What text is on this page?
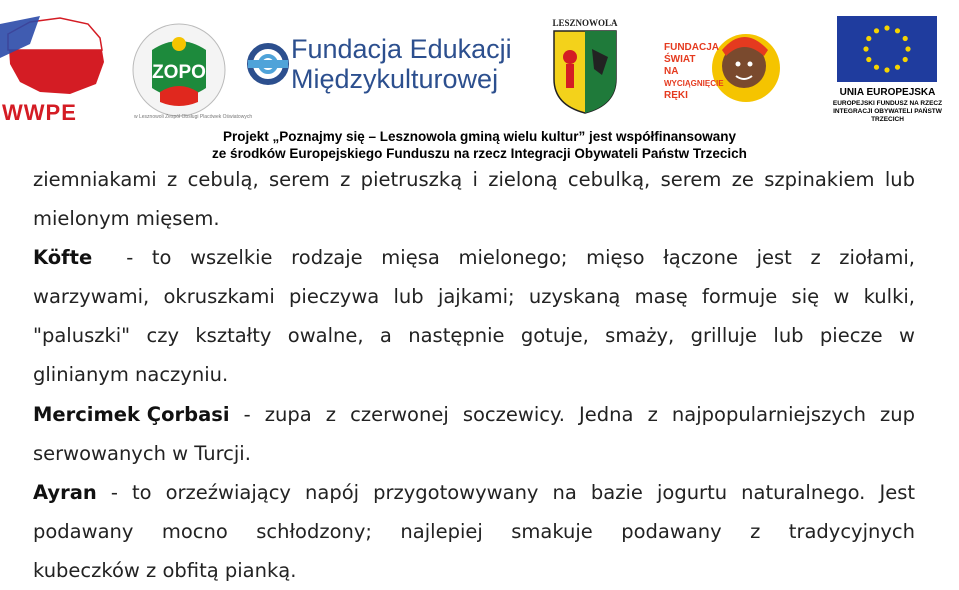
WWPE
ZOPO
w Lesznowoli Zespół Obsługi Placówek Oświatowych
Fundacja Edukacji
Międzykulturowej
LESZNOWOLA
FUNDACJA
ŚWIAT
NA
WYCIĄGNIĘCIE
RĘKI	UNIA EUROPEJSKA
EUROPEJSKI FUNDUSZ NA RZECZ
INTEGRACJI OBYWATELI PAŃSTW TRZECICH
Projekt „Poznajmy się – Lesznowola gminą wielu kultur” jest współfinansowany
ze środków Europejskiego Funduszu na rzecz Integracji Obywateli Państw Trzecich
ziemniakami z cebulą, serem z pietruszką i zieloną cebulką, serem ze szpinakiem lub
mielonym mięsem.
Köfte - to wszelkie rodzaje mięsa mielonego; mięso łączone jest z ziołami,
warzywami, okruszkami pieczywa lub jajkami; uzyskaną masę formuje się w kulki,
"paluszki" czy kształty owalne, a następnie gotuje, smaży, grilluje lub piecze w
glinianym naczyniu.
Mercimek Çorbasi - zupa z czerwonej soczewicy. Jedna z najpopularniejszych zup
serwowanych w Turcji.
Ayran - to orzeźwiający napój przygotowywany na bazie jogurtu naturalnego. Jest
podawany mocno schłodzony; najlepiej smakuje podawany z tradycyjnych
kubeczków z obfitą pianką.
